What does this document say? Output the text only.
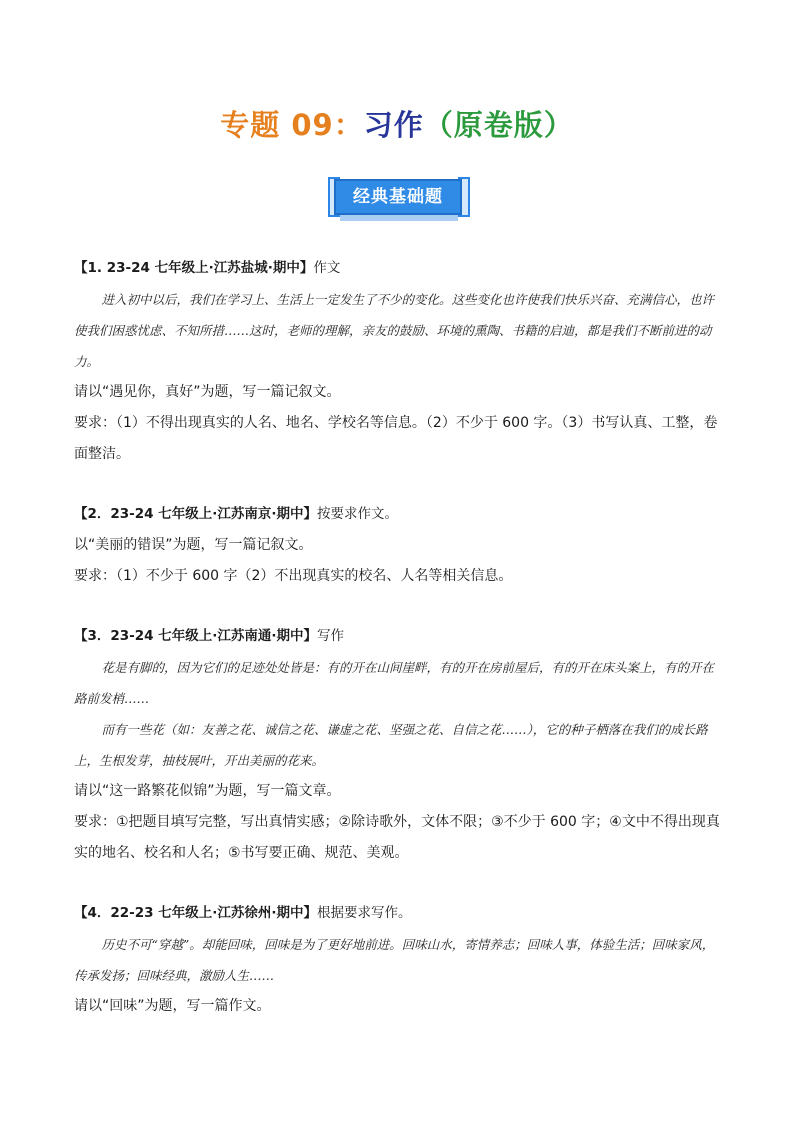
专题 09：习作（原卷版）
经典基础题
【1. 23-24 七年级上·江苏盐城·期中】作文
进入初中以后，我们在学习上、生活上一定发生了不少的变化。这些变化也许使我们快乐兴奋、充满信心，也许使我们困惑忧虑、不知所措……这时，老师的理解，亲友的鼓励、环境的熏陶、书籍的启迪，都是我们不断前进的动力。
请以“遇见你，真好”为题，写一篇记叙文。
要求：（1）不得出现真实的人名、地名、学校名等信息。（2）不少于 600 字。（3）书写认真、工整，卷面整洁。
【2．23-24 七年级上·江苏南京·期中】按要求作文。
以“美丽的错误”为题，写一篇记叙文。
要求：（1）不少于 600 字（2）不出现真实的校名、人名等相关信息。
【3．23-24 七年级上·江苏南通·期中】写作
花是有脚的，因为它们的足迹处处皆是：有的开在山间崖畔，有的开在房前屋后，有的开在床头案上，有的开在路前发梢……
而有一些花（如：友善之花、诚信之花、谦虚之花、坚强之花、自信之花……），它的种子栖落在我们的成长路上，生根发芽，抽枝展叶，开出美丽的花来。
请以“这一路繁花似锦”为题，写一篇文章。
要求：①把题目填写完整，写出真情实感；②除诗歌外，文体不限；③不少于 600 字；④文中不得出现真实的地名、校名和人名；⑤书写要正确、规范、美观。
【4．22-23 七年级上·江苏徐州·期中】根据要求写作。
历史不可“穿越”。却能回味，回味是为了更好地前进。回味山水，寄情养志；回味人事，体验生活；回味家风，传承发扬；回味经典，激励人生……
请以“回味”为题，写一篇作文。
